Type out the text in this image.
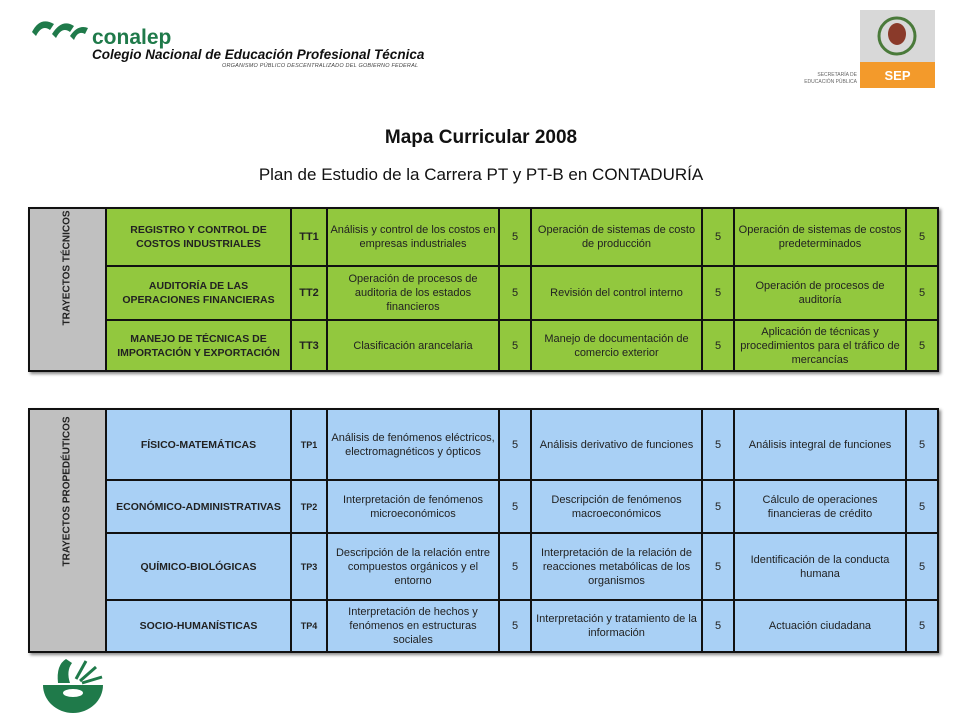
conalep
Colegio Nacional de Educación Profesional Técnica
ORGANISMO PÚBLICO DESCENTRALIZADO DEL GOBIERNO FEDERAL
SEP
SECRETARÍA DE
EDUCACIÓN PÚBLICA
Mapa Curricular 2008
Plan de Estudio de la Carrera PT y PT-B en CONTADURÍA
TRAYECTOS TÉCNICOS	REGISTRO Y CONTROL DE COSTOS INDUSTRIALES	TT1	Análisis y control de los costos en empresas industriales	5	Operación de sistemas de costo de producción	5	Operación de sistemas de costos predeterminados	5
	AUDITORÍA DE LAS OPERACIONES FINANCIERAS	TT2	Operación de procesos de auditoria de los estados financieros	5	Revisión del control interno	5	Operación de procesos de auditoría	5
	MANEJO DE TÉCNICAS DE IMPORTACIÓN Y EXPORTACIÓN	TT3	Clasificación arancelaria	5	Manejo de documentación de comercio exterior	5	Aplicación de técnicas y procedimientos para el tráfico de mercancías	5
TRAYECTOS PROPEDÉUTICOS	FÍSICO-MATEMÁTICAS	TP1	Análisis de fenómenos eléctricos, electromagnéticos y ópticos	5	Análisis derivativo de funciones	5	Análisis integral de funciones	5
	ECONÓMICO-ADMINISTRATIVAS	TP2	Interpretación de fenómenos microeconómicos	5	Descripción de fenómenos macroeconómicos	5	Cálculo de operaciones financieras de crédito	5
	QUÍMICO-BIOLÓGICAS	TP3	Descripción de la relación entre compuestos orgánicos y el entorno	5	Interpretación de la relación de reacciones metabólicas de los organismos	5	Identificación de la conducta humana	5
	SOCIO-HUMANÍSTICAS	TP4	Interpretación de hechos y fenómenos en estructuras sociales	5	Interpretación y tratamiento de la información	5	Actuación ciudadana	5
